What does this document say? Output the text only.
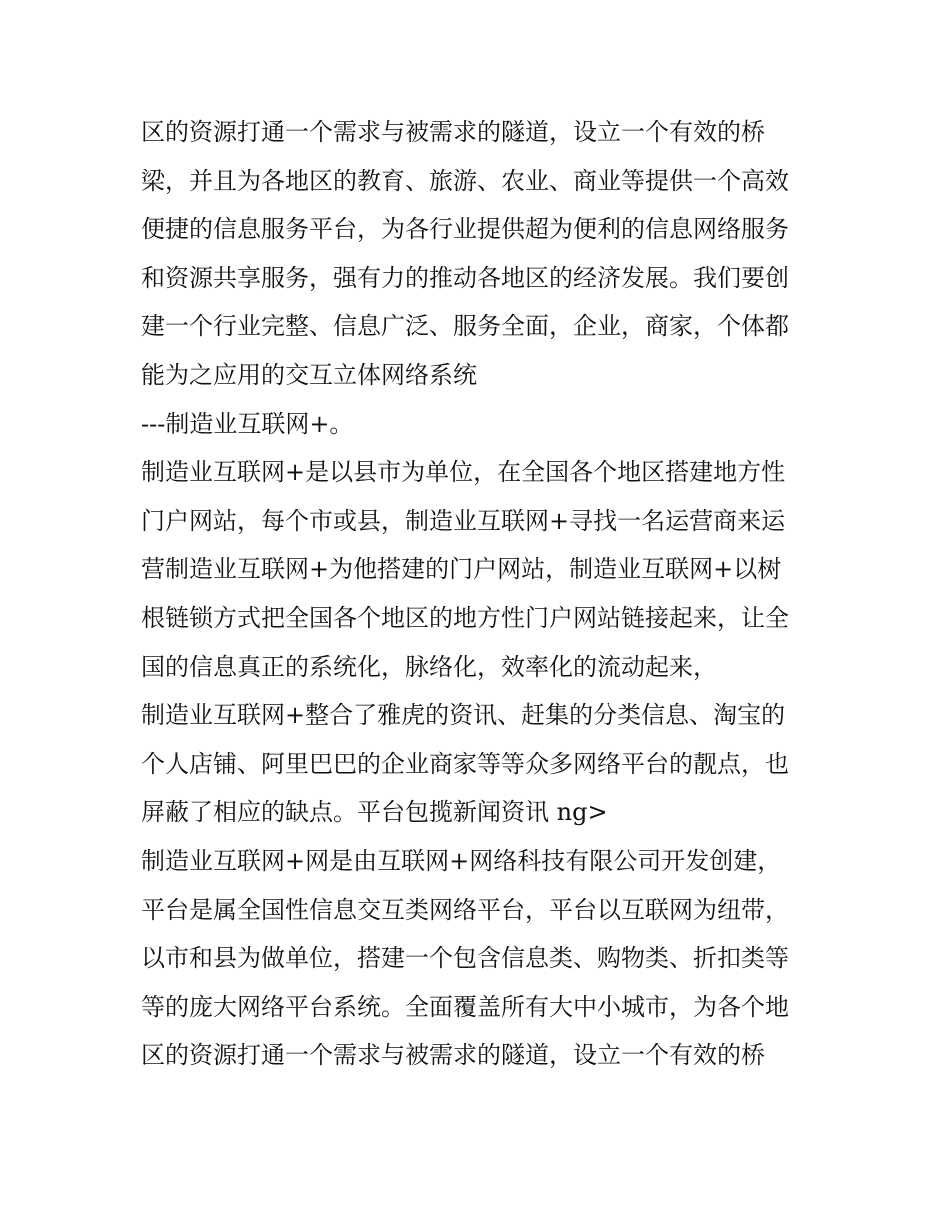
区的资源打通一个需求与被需求的隧道，设立一个有效的桥
梁，并且为各地区的教育、旅游、农业、商业等提供一个高效
便捷的信息服务平台，为各行业提供超为便利的信息网络服务
和资源共享服务，强有力的推动各地区的经济发展。我们要创
建一个行业完整、信息广泛、服务全面，企业，商家，个体都
能为之应用的交互立体网络系统
---制造业互联网+。
制造业互联网+是以县市为单位，在全国各个地区搭建地方性
门户网站，每个市或县，制造业互联网+寻找一名运营商来运
营制造业互联网+为他搭建的门户网站，制造业互联网+以树
根链锁方式把全国各个地区的地方性门户网站链接起来，让全
国的信息真正的系统化，脉络化，效率化的流动起来，
制造业互联网+整合了雅虎的资讯、赶集的分类信息、淘宝的
个人店铺、阿里巴巴的企业商家等等众多网络平台的靓点，也
屏蔽了相应的缺点。平台包揽新闻资讯 ng>
制造业互联网+网是由互联网+网络科技有限公司开发创建，
平台是属全国性信息交互类网络平台，平台以互联网为纽带，
以市和县为做单位，搭建一个包含信息类、购物类、折扣类等
等的庞大网络平台系统。全面覆盖所有大中小城市，为各个地
区的资源打通一个需求与被需求的隧道，设立一个有效的桥
